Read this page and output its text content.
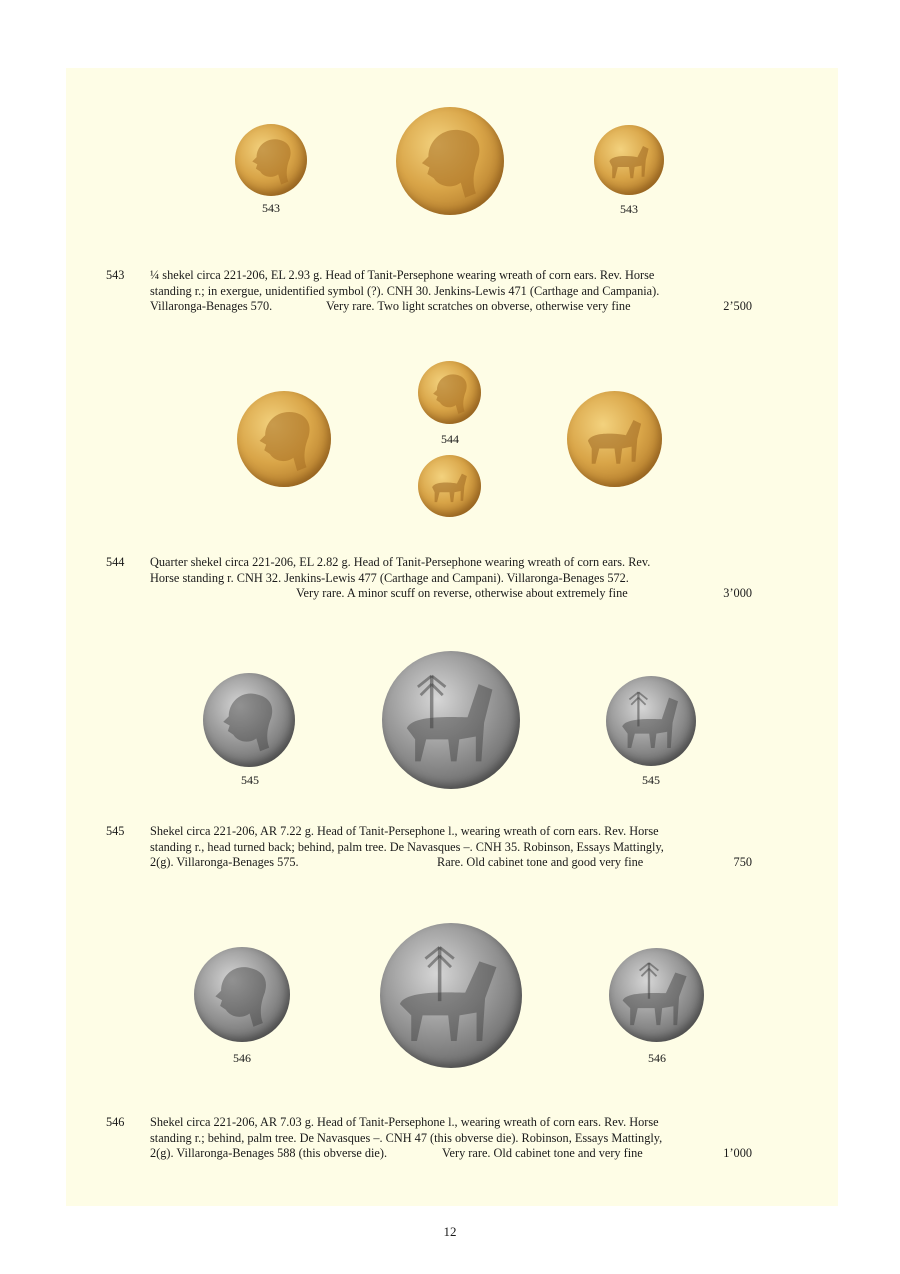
543	543
543	¼ shekel circa 221-206, EL 2.93 g. Head of Tanit-Persephone wearing wreath of corn ears. Rev. Horse
standing r.; in exergue, unidentified symbol (?). CNH 30. Jenkins-Lewis 471 (Carthage and Campania).
Villaronga-Benages 570.	Very rare. Two light scratches on obverse, otherwise very fine	2’500
544
544	Quarter shekel circa 221-206, EL 2.82 g. Head of Tanit-Persephone wearing wreath of corn ears. Rev.
Horse standing r. CNH 32. Jenkins-Lewis 477 (Carthage and Campani). Villaronga-Benages 572.
Very rare. A minor scuff on reverse, otherwise about extremely fine	3’000
545	545
545	Shekel circa 221-206, AR 7.22 g. Head of Tanit-Persephone l., wearing wreath of corn ears. Rev. Horse
standing r., head turned back; behind, palm tree. De Navasques –. CNH 35. Robinson, Essays Mattingly,
2(g). Villaronga-Benages 575.	Rare. Old cabinet tone and good very fine	750
546	546
546	Shekel circa 221-206, AR 7.03 g. Head of Tanit-Persephone l., wearing wreath of corn ears. Rev. Horse
standing r.; behind, palm tree. De Navasques –. CNH 47 (this obverse die). Robinson, Essays Mattingly,
2(g). Villaronga-Benages 588 (this obverse die).	Very rare. Old cabinet tone and very fine	1’000
12
